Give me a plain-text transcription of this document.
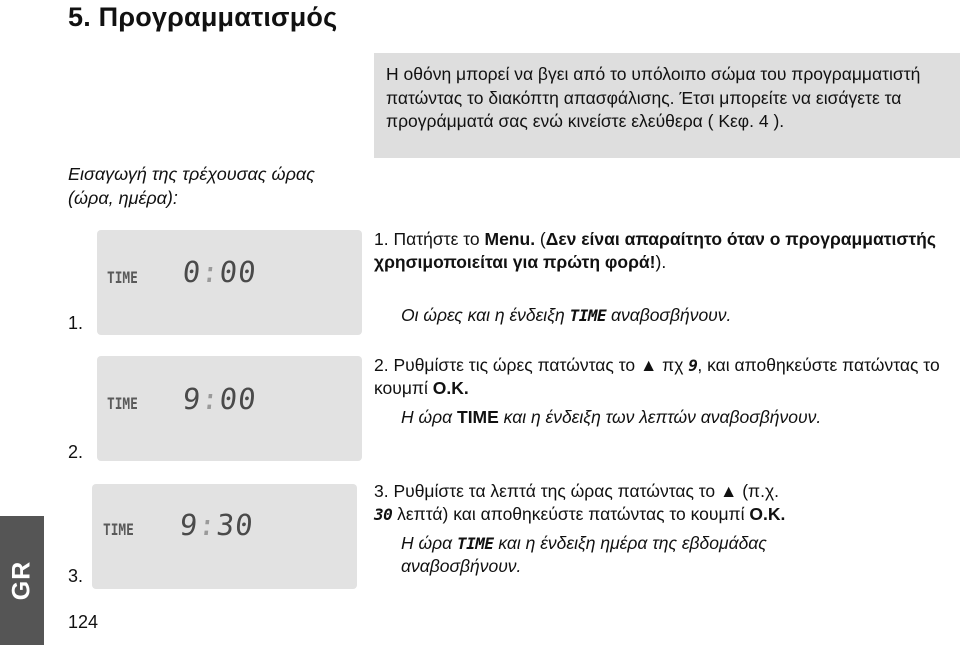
5. Προγραμματισμός
Εισαγωγή της τρέχουσας ώρας (ώρα, ημέρα):
Η οθόνη μπορεί να βγει από το υπόλοιπο σώμα του προγραμματιστή πατώντας το διακόπτη απασφάλισης. Έτσι μπορείτε να εισάγετε τα προγράμματά σας ενώ κινείστε ελεύθερα ( Κεφ. 4 ).
TIME 0:00
1.
TIME 9:00
2.
TIME 9:30
3.
1. Πατήστε το Menu. (Δεν είναι απαραίτητο όταν ο προγραμματιστής χρησιμοποιείται για πρώτη φορά!).
Οι ώρες και η ένδειξη TIME αναβοσβήνουν.
2. Ρυθμίστε τις ώρες πατώντας το ▲ πχ 9, και αποθηκεύστε πατώντας το κουμπί O.K.
Η ώρα TIME και η ένδειξη των λεπτών αναβοσβήνουν.
3. Ρυθμίστε τα λεπτά της ώρας πατώντας το ▲ (π.χ.
30 λεπτά) και αποθηκεύστε πατώντας το κουμπί O.K.
Η ώρα TIME και η ένδειξη ημέρα της εβδομάδας αναβοσβήνουν.
GR
124
